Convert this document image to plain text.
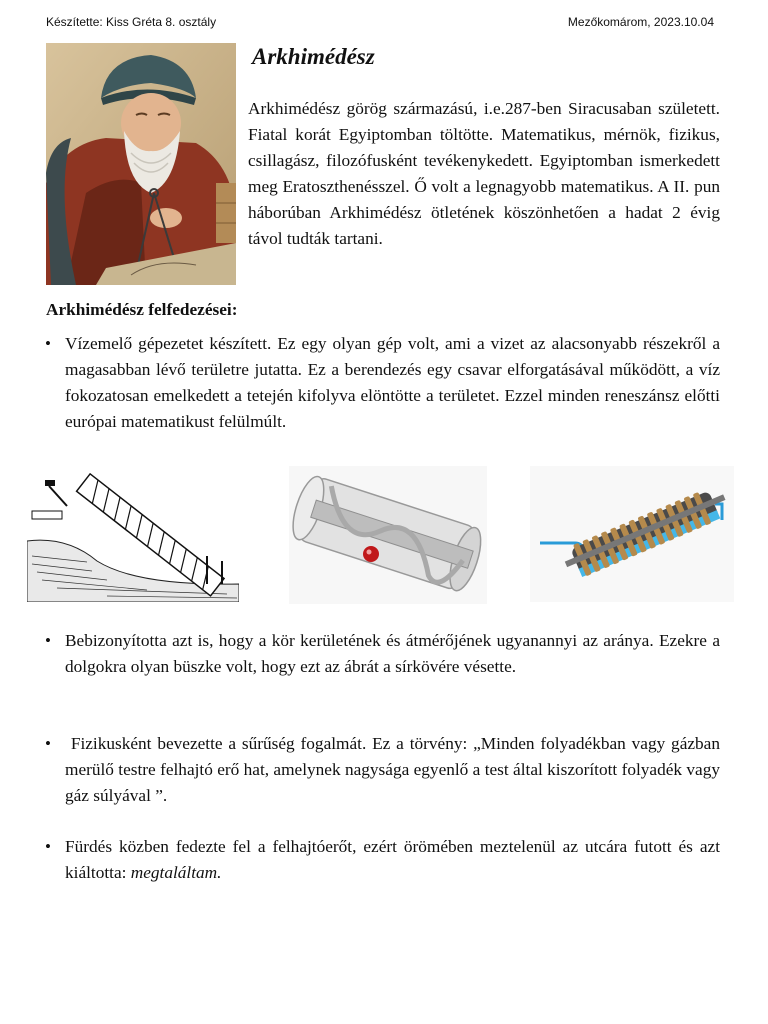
Készítette: Kiss Gréta 8. osztály	Mezőkomárom, 2023.10.04
Arkhimédész

Arkhimédész görög származású, i.e.287-ben Siracusaban született. Fiatal korát Egyiptomban töltötte. Matematikus, mérnök, fizikus, csillagász, filozófusként tevékenykedett. Egyiptomban ismerkedett meg Eratoszthenésszel. Ő volt a legnagyobb matematikus. A II. pun háborúban Arkhimédész ötletének köszönhetően a hadat 2 évig távol tudták tartani.

Arkhimédész felfedezései:

• Vízemelő gépezetet készített. Ez egy olyan gép volt, ami a vizet az alacsonyabb részekről a magasabban lévő területre jutatta. Ez a berendezés egy csavar elforgatásával működött, a víz fokozatosan emelkedett a tetején kifolyva elöntötte a területet. Ezzel minden reneszánsz előtti európai matematikust felülmúlt.

• Bebizonyította azt is, hogy a kör kerületének és átmérőjének ugyanannyi az aránya. Ezekre a dolgokra olyan büszke volt, hogy ezt az ábrát a sírkövére vésette.

• Fizikusként bevezette a sűrűség fogalmát. Ez a törvény: „Minden folyadékban vagy gázban merülő testre felhajtó erő hat, amelynek nagysága egyenlő a test által kiszorított folyadék vagy gáz súlyával ”.

• Fürdés közben fedezte fel a felhajtóerőt, ezért örömében meztelenül az utcára futott és azt kiáltotta: megtaláltam.
